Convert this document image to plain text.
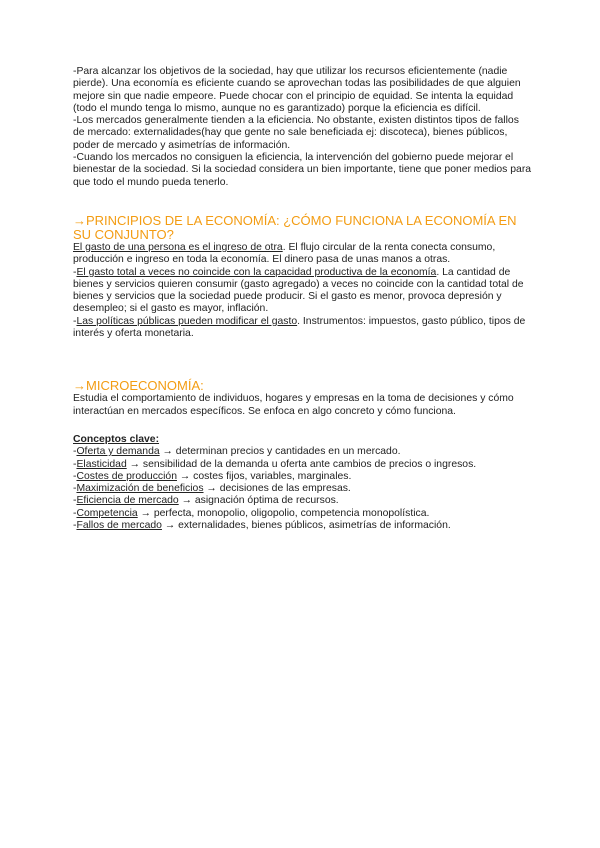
-Para alcanzar los objetivos de la sociedad, hay que utilizar los recursos eficientemente (nadie pierde). Una economía es eficiente cuando se aprovechan todas las posibilidades de que alguien mejore sin que nadie empeore. Puede chocar con el principio de equidad. Se intenta la equidad (todo el mundo tenga lo mismo, aunque no es garantizado) porque la eficiencia es difícil.

-Los mercados generalmente tienden a la eficiencia. No obstante, existen distintos tipos de fallos de mercado: externalidades(hay que gente no sale beneficiada ej: discoteca), bienes públicos, poder de mercado y asimetrías de información.

-Cuando los mercados no consiguen la eficiencia, la intervención del gobierno puede mejorar el bienestar de la sociedad. Si la sociedad considera un bien importante, tiene que poner medios para que todo el mundo pueda tenerlo.

→PRINCIPIOS DE LA ECONOMÍA: ¿CÓMO FUNCIONA LA ECONOMÍA EN SU CONJUNTO?

El gasto de una persona es el ingreso de otra. El flujo circular de la renta conecta consumo, producción e ingreso en toda la economía. El dinero pasa de unas manos a otras.

-El gasto total a veces no coincide con la capacidad productiva de la economía. La cantidad de bienes y servicios quieren consumir (gasto agregado) a veces no coincide con la cantidad total de bienes y servicios que la sociedad puede producir. Si el gasto es menor, provoca depresión y desempleo; si el gasto es mayor, inflación.

-Las políticas públicas pueden modificar el gasto. Instrumentos: impuestos, gasto público, tipos de interés y oferta monetaria.

→MICROECONOMÍA:

Estudia el comportamiento de individuos, hogares y empresas en la toma de decisiones y cómo interactúan en mercados específicos. Se enfoca en algo concreto y cómo funciona.

Conceptos clave:

-Oferta y demanda → determinan precios y cantidades en un mercado.

-Elasticidad → sensibilidad de la demanda u oferta ante cambios de precios o ingresos.

-Costes de producción → costes fijos, variables, marginales.

-Maximización de beneficios → decisiones de las empresas.

-Eficiencia de mercado → asignación óptima de recursos.

-Competencia → perfecta, monopolio, oligopolio, competencia monopolística.

-Fallos de mercado → externalidades, bienes públicos, asimetrías de información.
